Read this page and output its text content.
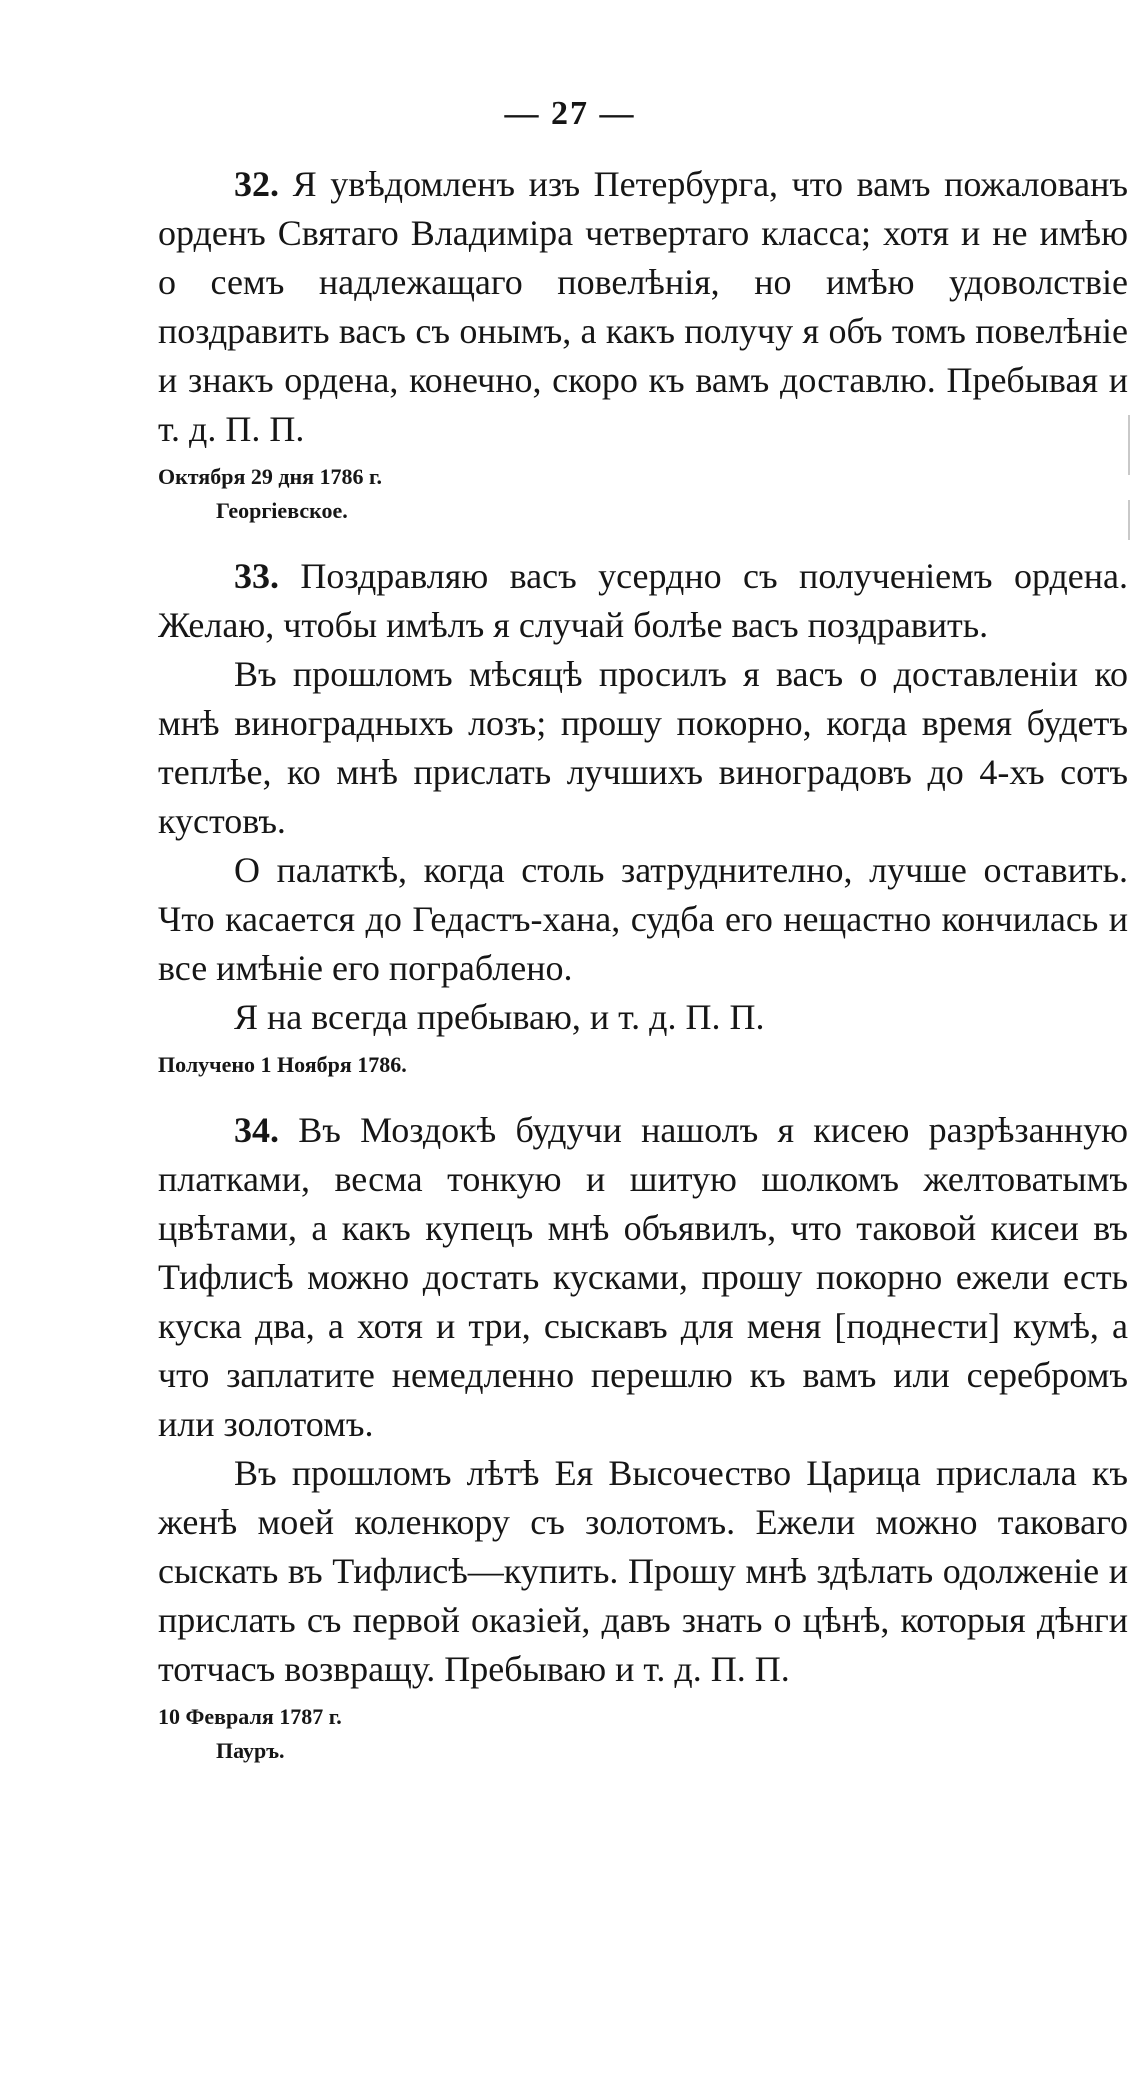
— 27 —

32. Я увѣдомленъ изъ Петербурга, что вамъ пожалованъ орденъ Святаго Владиміра четвертаго класса; хотя и не имѣю о семъ надлежащаго повелѣнія, но имѣю удоволствіе поздравить васъ съ онымъ, а какъ получу я объ томъ повелѣніе и знакъ ордена, конечно, скоро къ вамъ доставлю. Пребывая и т. д. П. П.

Октября 29 дня 1786 г.

Георгіевское.

33. Поздравляю васъ усердно съ полученіемъ ордена. Желаю, чтобы имѣлъ я случай болѣе васъ поздравить.

Въ прошломъ мѣсяцѣ просилъ я васъ о доставленіи ко мнѣ виноградныхъ лозъ; прошу покорно, когда время будетъ теплѣе, ко мнѣ прислать лучшихъ виноградовъ до 4-хъ сотъ кустовъ.

О палаткѣ, когда столь затруднително, лучше оставить. Что касается до Гедастъ-хана, судба его нещастно кончилась и все имѣніе его пограблено.

Я на всегда пребываю, и т. д. П. П.

Получено 1 Ноября 1786.

34. Въ Моздокѣ будучи нашолъ я кисею разрѣзанную платками, весма тонкую и шитую шолкомъ желтоватымъ цвѣтами, а какъ купецъ мнѣ объявилъ, что таковой кисеи въ Тифлисѣ можно достать кусками, прошу покорно ежели есть куска два, а хотя и три, сыскавъ для меня [поднести] кумѣ, а что заплатите немедленно перешлю къ вамъ или серебромъ или золотомъ.

Въ прошломъ лѣтѣ Ея Высочество Царица прислала къ женѣ моей коленкору съ золотомъ. Ежели можно таковаго сыскать въ Тифлисѣ—купить. Прошу мнѣ здѣлать одолженіе и прислать съ первой оказіей, давъ знать о цѣнѣ, которыя дѣнги тотчасъ возвращу. Пребываю и т. д. П. П.

10 Февраля 1787 г.

Пауръ.
